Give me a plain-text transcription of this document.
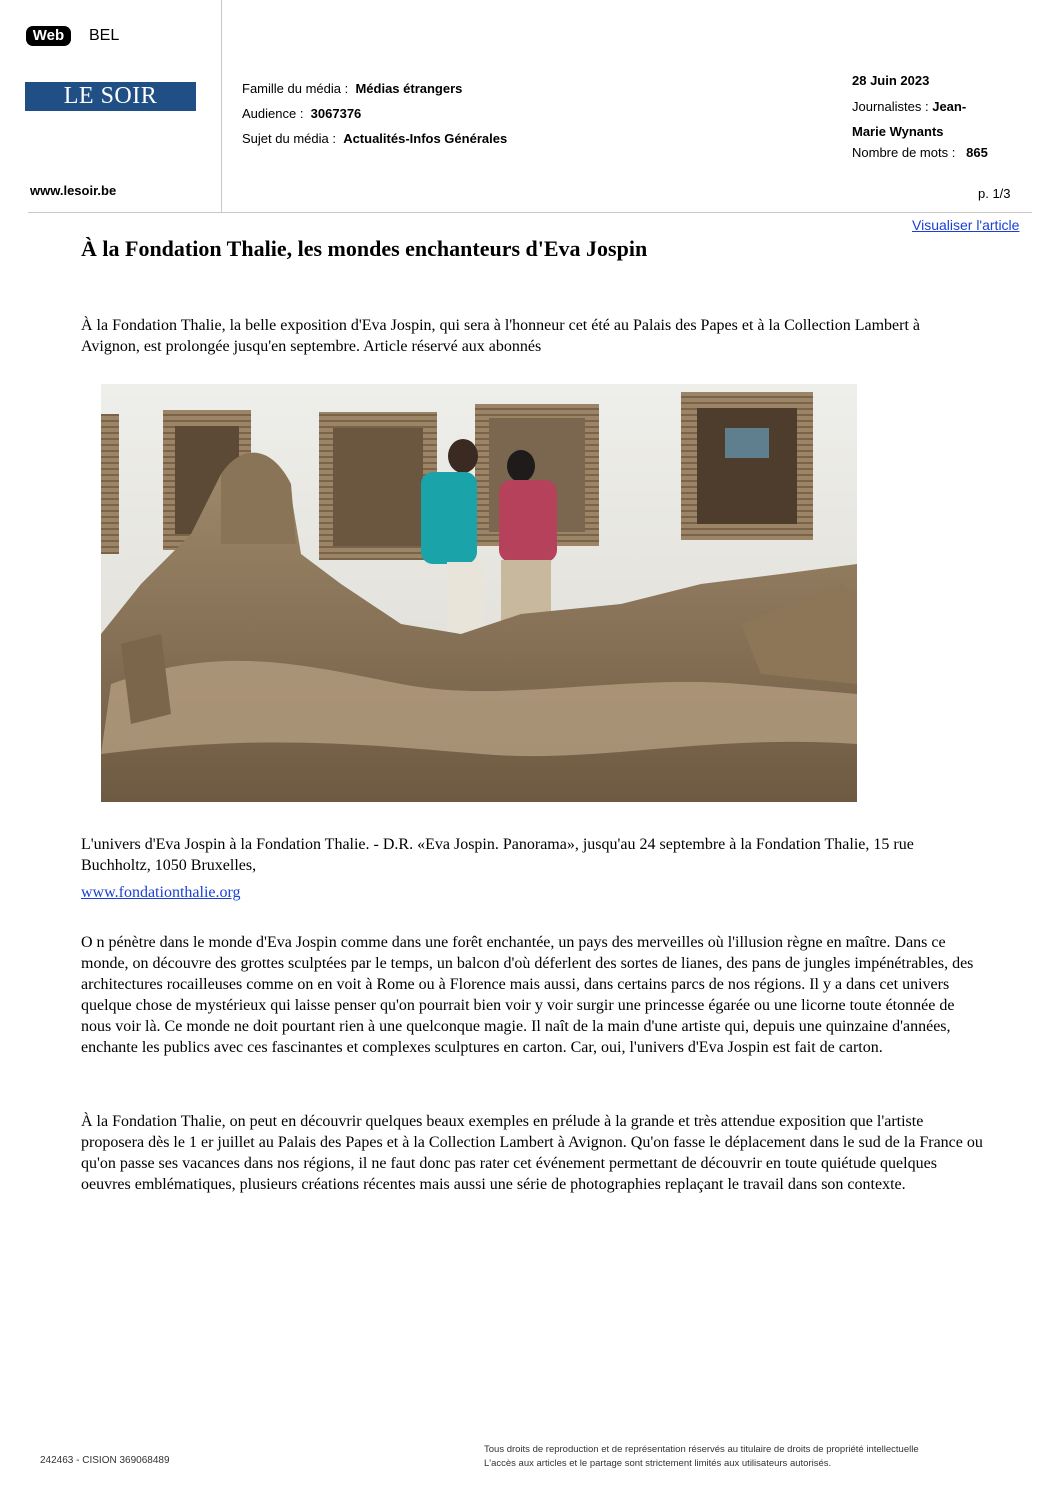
Web	BEL
LE SOIR	Famille du média : Médias étrangers
Audience : 3067376
Sujet du média : Actualités-Infos Générales
28 Juin 2023
Journalistes : Jean-
Marie Wynants
Nombre de mots : 865
www.lesoir.be	p. 1/3
Visualiser l'article
À la Fondation Thalie, les mondes enchanteurs d'Eva Jospin
À la Fondation Thalie, la belle exposition d'Eva Jospin, qui sera à l'honneur cet été au Palais des Papes et à la Collection Lambert à Avignon, est prolongée jusqu'en septembre. Article réservé aux abonnés
L'univers d'Eva Jospin à la Fondation Thalie. - D.R. «Eva Jospin. Panorama», jusqu'au 24 septembre à la Fondation Thalie, 15 rue Buchholtz, 1050 Bruxelles,
www.fondationthalie.org
O n pénètre dans le monde d'Eva Jospin comme dans une forêt enchantée, un pays des merveilles où l'illusion règne en maître. Dans ce monde, on découvre des grottes sculptées par le temps, un balcon d'où déferlent des sortes de lianes, des pans de jungles impénétrables, des architectures rocailleuses comme on en voit à Rome ou à Florence mais aussi, dans certains parcs de nos régions. Il y a dans cet univers quelque chose de mystérieux qui laisse penser qu'on pourrait bien voir y voir surgir une princesse égarée ou une licorne toute étonnée de nous voir là. Ce monde ne doit pourtant rien à une quelconque magie. Il naît de la main d'une artiste qui, depuis une quinzaine d'années, enchante les publics avec ces fascinantes et complexes sculptures en carton. Car, oui, l'univers d'Eva Jospin est fait de carton.
À la Fondation Thalie, on peut en découvrir quelques beaux exemples en prélude à la grande et très attendue exposition que l'artiste proposera dès le 1 er juillet au Palais des Papes et à la Collection Lambert à Avignon. Qu'on fasse le déplacement dans le sud de la France ou qu'on passe ses vacances dans nos régions, il ne faut donc pas rater cet événement permettant de découvrir en toute quiétude quelques oeuvres emblématiques, plusieurs créations récentes mais aussi une série de photographies replaçant le travail dans son contexte.
242463 - CISION 369068489
Tous droits de reproduction et de représentation réservés au titulaire de droits de propriété intellectuelle
L'accès aux articles et le partage sont strictement limités aux utilisateurs autorisés.
